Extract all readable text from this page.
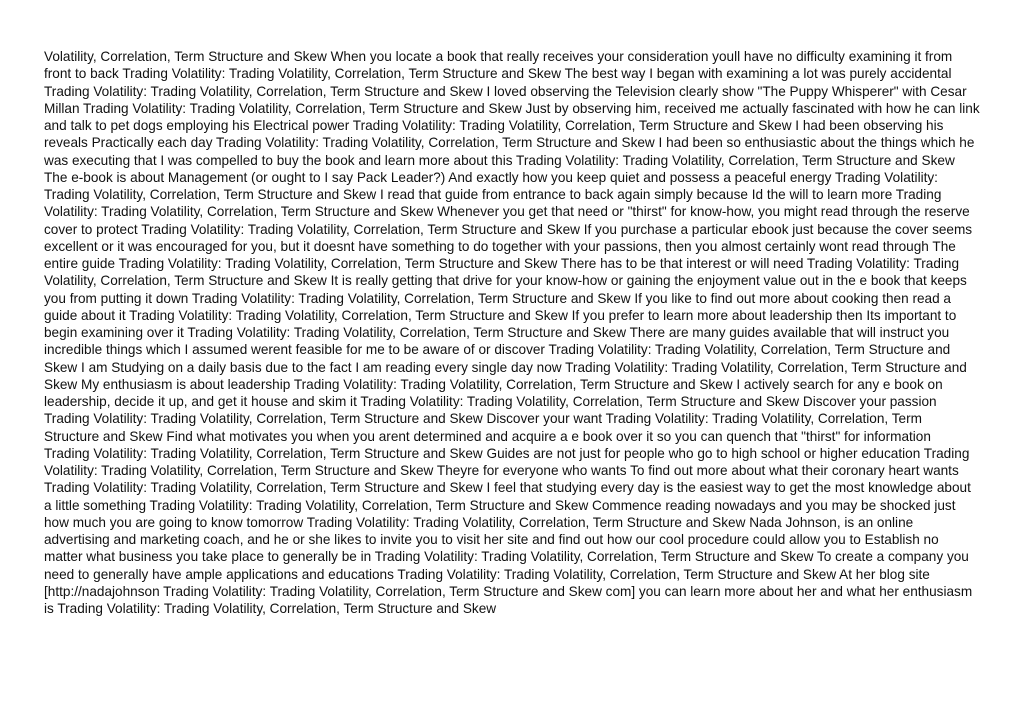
Volatility, Correlation, Term Structure and Skew When you locate a book that really receives your consideration youll have no difficulty examining it from front to back Trading Volatility: Trading Volatility, Correlation, Term Structure and Skew The best way I began with examining a lot was purely accidental Trading Volatility: Trading Volatility, Correlation, Term Structure and Skew I loved observing the Television clearly show "The Puppy Whisperer" with Cesar Millan Trading Volatility: Trading Volatility, Correlation, Term Structure and Skew Just by observing him, received me actually fascinated with how he can link and talk to pet dogs employing his Electrical power Trading Volatility: Trading Volatility, Correlation, Term Structure and Skew I had been observing his reveals Practically each day Trading Volatility: Trading Volatility, Correlation, Term Structure and Skew I had been so enthusiastic about the things which he was executing that I was compelled to buy the book and learn more about this Trading Volatility: Trading Volatility, Correlation, Term Structure and Skew The e-book is about Management (or ought to I say Pack Leader?) And exactly how you keep quiet and possess a peaceful energy Trading Volatility: Trading Volatility, Correlation, Term Structure and Skew I read that guide from entrance to back again simply because Id the will to learn more Trading Volatility: Trading Volatility, Correlation, Term Structure and Skew Whenever you get that need or "thirst" for know-how, you might read through the reserve cover to protect Trading Volatility: Trading Volatility, Correlation, Term Structure and Skew If you purchase a particular ebook just because the cover seems excellent or it was encouraged for you, but it doesnt have something to do together with your passions, then you almost certainly wont read through The entire guide Trading Volatility: Trading Volatility, Correlation, Term Structure and Skew There has to be that interest or will need Trading Volatility: Trading Volatility, Correlation, Term Structure and Skew It is really getting that drive for your know-how or gaining the enjoyment value out in the e book that keeps you from putting it down Trading Volatility: Trading Volatility, Correlation, Term Structure and Skew If you like to find out more about cooking then read a guide about it Trading Volatility: Trading Volatility, Correlation, Term Structure and Skew If you prefer to learn more about leadership then Its important to begin examining over it Trading Volatility: Trading Volatility, Correlation, Term Structure and Skew There are many guides available that will instruct you incredible things which I assumed werent feasible for me to be aware of or discover Trading Volatility: Trading Volatility, Correlation, Term Structure and Skew I am Studying on a daily basis due to the fact I am reading every single day now Trading Volatility: Trading Volatility, Correlation, Term Structure and Skew My enthusiasm is about leadership Trading Volatility: Trading Volatility, Correlation, Term Structure and Skew I actively search for any e book on leadership, decide it up, and get it house and skim it Trading Volatility: Trading Volatility, Correlation, Term Structure and Skew Discover your passion Trading Volatility: Trading Volatility, Correlation, Term Structure and Skew Discover your want Trading Volatility: Trading Volatility, Correlation, Term Structure and Skew Find what motivates you when you arent determined and acquire a e book over it so you can quench that "thirst" for information Trading Volatility: Trading Volatility, Correlation, Term Structure and Skew Guides are not just for people who go to high school or higher education Trading Volatility: Trading Volatility, Correlation, Term Structure and Skew Theyre for everyone who wants To find out more about what their coronary heart wants Trading Volatility: Trading Volatility, Correlation, Term Structure and Skew I feel that studying every day is the easiest way to get the most knowledge about a little something Trading Volatility: Trading Volatility, Correlation, Term Structure and Skew Commence reading nowadays and you may be shocked just how much you are going to know tomorrow Trading Volatility: Trading Volatility, Correlation, Term Structure and Skew Nada Johnson, is an online advertising and marketing coach, and he or she likes to invite you to visit her site and find out how our cool procedure could allow you to Establish no matter what business you take place to generally be in Trading Volatility: Trading Volatility, Correlation, Term Structure and Skew To create a company you need to generally have ample applications and educations Trading Volatility: Trading Volatility, Correlation, Term Structure and Skew At her blog site [http://nadajohnson Trading Volatility: Trading Volatility, Correlation, Term Structure and Skew com] you can learn more about her and what her enthusiasm is Trading Volatility: Trading Volatility, Correlation, Term Structure and Skew
